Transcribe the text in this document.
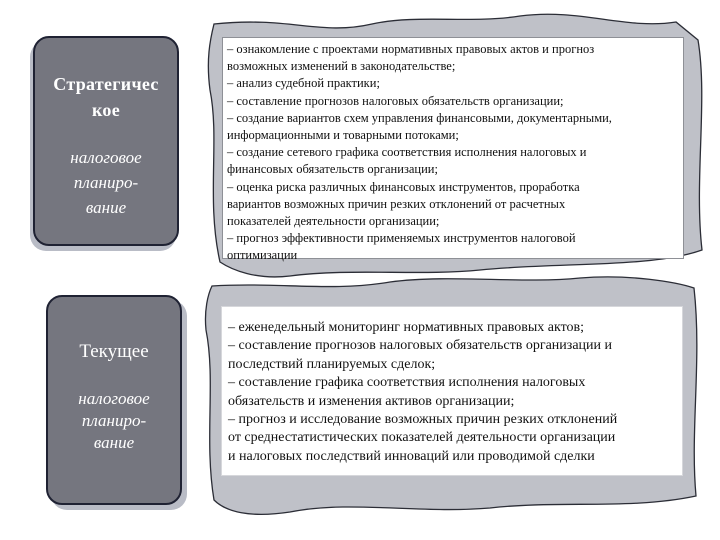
Стратегичес
кое
налоговое
планиро-
вание
Текущее
налоговое
планиро-
вание
– ознакомление с проектами нормативных правовых актов и прогноз
возможных изменений в законодательстве;
– анализ судебной практики;
– составление прогнозов налоговых обязательств организации;
– создание вариантов схем управления финансовыми, документарными,
информационными и товарными потоками;
– создание сетевого графика соответствия исполнения налоговых и
финансовых обязательств организации;
– оценка риска различных финансовых инструментов, проработка
вариантов возможных причин резких отклонений от расчетных
показателей деятельности организации;
– прогноз эффективности применяемых инструментов налоговой
оптимизации
– еженедельный мониторинг нормативных правовых актов;
– составление прогнозов налоговых обязательств организации и
последствий планируемых сделок;
– составление графика соответствия исполнения налоговых
обязательств и изменения активов организации;
– прогноз и исследование возможных причин резких отклонений
от среднестатистических показателей деятельности организации
и налоговых последствий инноваций или проводимой сделки
